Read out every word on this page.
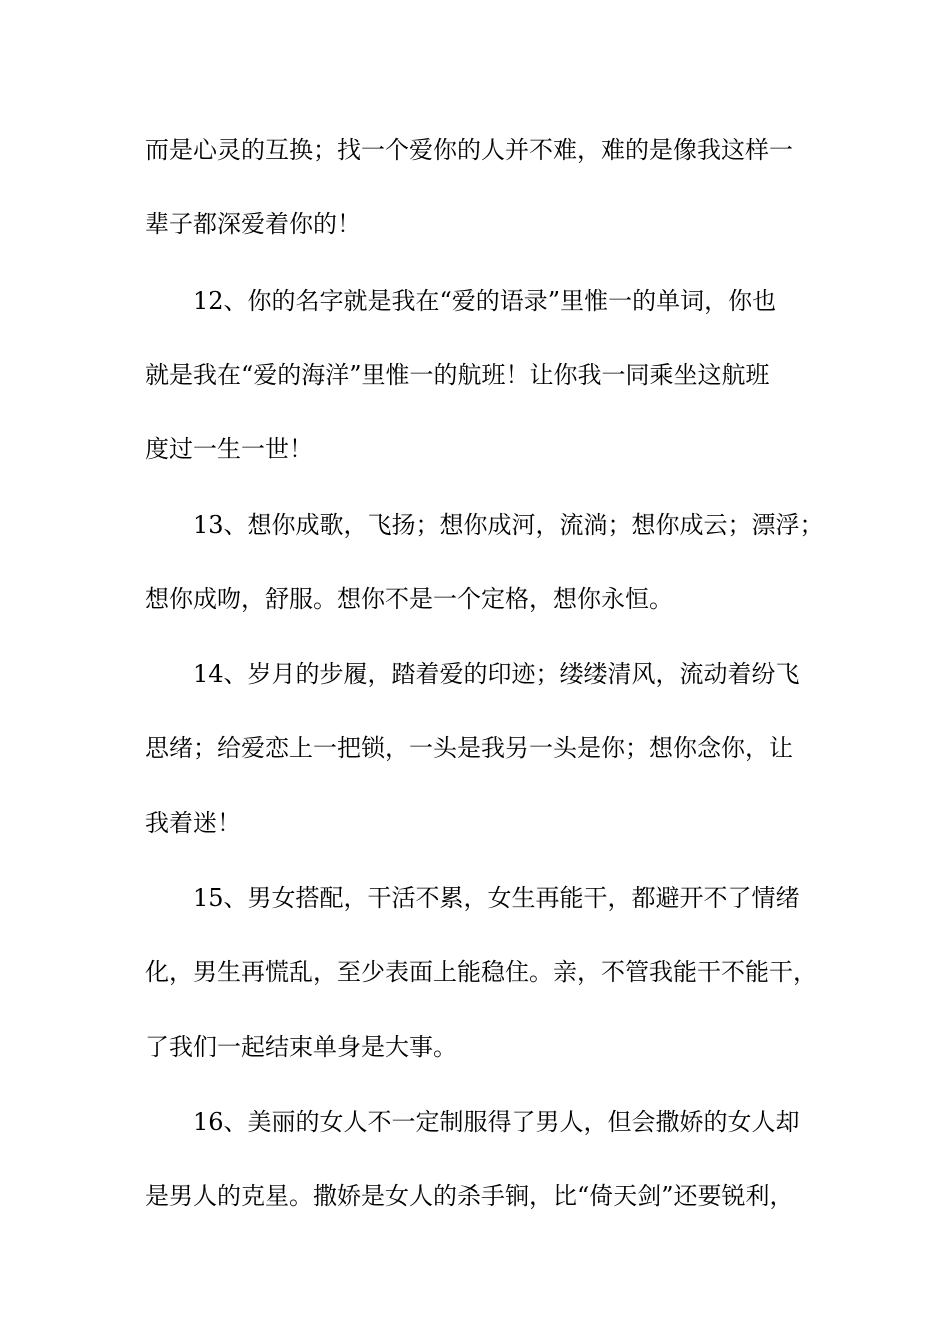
而是心灵的互换；找一个爱你的人并不难，难的是像我这样一
辈子都深爱着你的！
12、你的名字就是我在“爱的语录”里惟一的单词，你也
就是我在“爱的海洋”里惟一的航班！让你我一同乘坐这航班
度过一生一世！
13、想你成歌，飞扬；想你成河，流淌；想你成云；漂浮；
想你成吻，舒服。想你不是一个定格，想你永恒。
14、岁月的步履，踏着爱的印迹；缕缕清风，流动着纷飞
思绪；给爱恋上一把锁，一头是我另一头是你；想你念你，让
我着迷！
15、男女搭配，干活不累，女生再能干，都避开不了情绪
化，男生再慌乱，至少表面上能稳住。亲，不管我能干不能干，
了我们一起结束单身是大事。
16、美丽的女人不一定制服得了男人，但会撒娇的女人却
是男人的克星。撒娇是女人的杀手锏，比“倚天剑”还要锐利，
